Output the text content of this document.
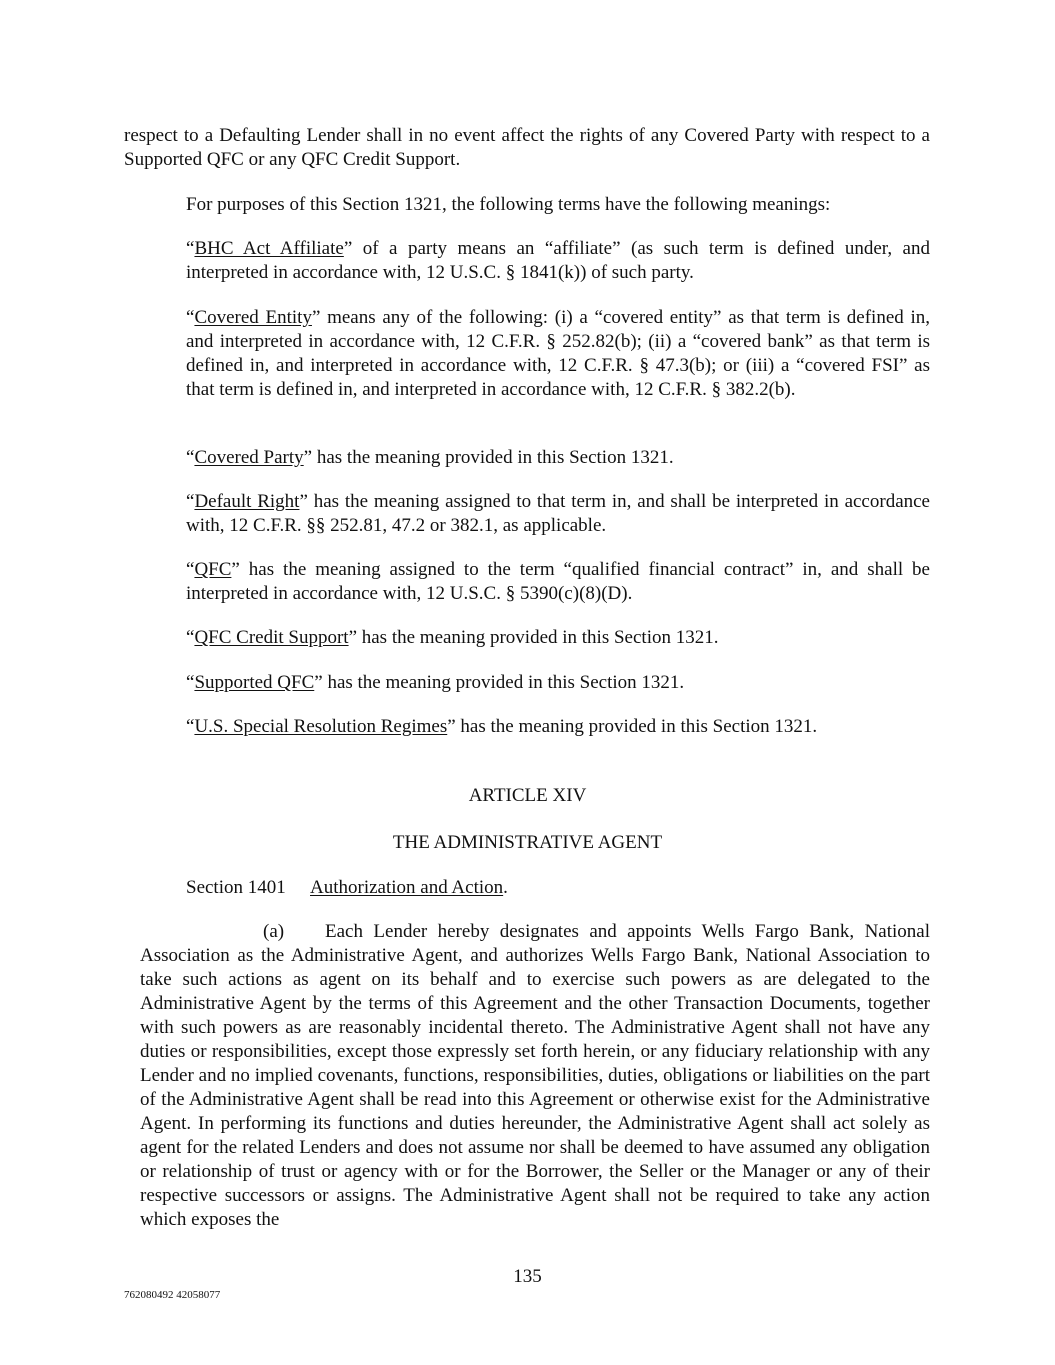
respect to a Defaulting Lender shall in no event affect the rights of any Covered Party with respect to a Supported QFC or any QFC Credit Support.

For purposes of this Section 1321, the following terms have the following meanings:

“BHC Act Affiliate” of a party means an “affiliate” (as such term is defined under, and interpreted in accordance with, 12 U.S.C. § 1841(k)) of such party.

“Covered Entity” means any of the following: (i) a “covered entity” as that term is defined in, and interpreted in accordance with, 12 C.F.R. § 252.82(b); (ii) a “covered bank” as that term is defined in, and interpreted in accordance with, 12 C.F.R. § 47.3(b); or (iii) a “covered FSI” as that term is defined in, and interpreted in accordance with, 12 C.F.R. § 382.2(b).

“Covered Party” has the meaning provided in this Section 1321.

“Default Right” has the meaning assigned to that term in, and shall be interpreted in accordance with, 12 C.F.R. §§ 252.81, 47.2 or 382.1, as applicable.

“QFC” has the meaning assigned to the term “qualified financial contract” in, and shall be interpreted in accordance with, 12 U.S.C. § 5390(c)(8)(D).

“QFC Credit Support” has the meaning provided in this Section 1321.

“Supported QFC” has the meaning provided in this Section 1321.

“U.S. Special Resolution Regimes” has the meaning provided in this Section 1321.

ARTICLE XIV

THE ADMINISTRATIVE AGENT

Section 1401 Authorization and Action.

(a) Each Lender hereby designates and appoints Wells Fargo Bank, National Association as the Administrative Agent, and authorizes Wells Fargo Bank, National Association to take such actions as agent on its behalf and to exercise such powers as are delegated to the Administrative Agent by the terms of this Agreement and the other Transaction Documents, together with such powers as are reasonably incidental thereto. The Administrative Agent shall not have any duties or responsibilities, except those expressly set forth herein, or any fiduciary relationship with any Lender and no implied covenants, functions, responsibilities, duties, obligations or liabilities on the part of the Administrative Agent shall be read into this Agreement or otherwise exist for the Administrative Agent. In performing its functions and duties hereunder, the Administrative Agent shall act solely as agent for the related Lenders and does not assume nor shall be deemed to have assumed any obligation or relationship of trust or agency with or for the Borrower, the Seller or the Manager or any of their respective successors or assigns. The Administrative Agent shall not be required to take any action which exposes the

135
762080492 42058077
